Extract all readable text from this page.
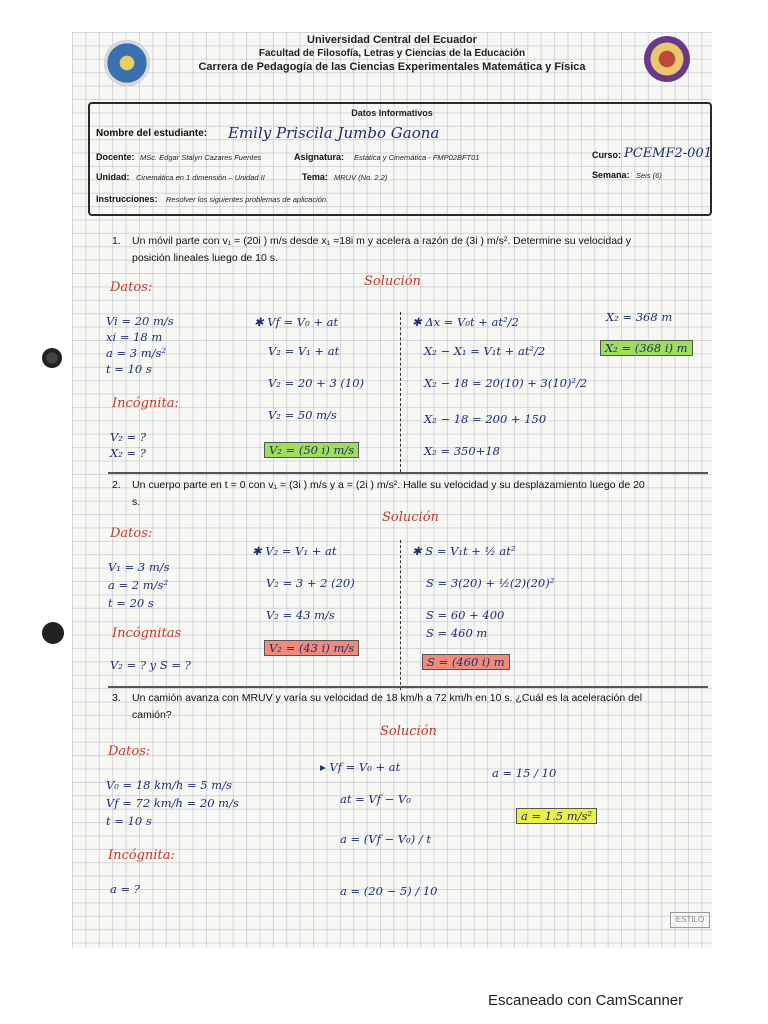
Universidad Central del Ecuador
Facultad de Filosofía, Letras y Ciencias de la Educación
Carrera de Pedagogía de las Ciencias Experimentales Matemática y Física
Datos Informativos
Nombre del estudiante: Emily Priscila Jumbo Gaona
Docente: MSc. Edgar Stalyn Cazares Fuentes	Asignatura: Estática y Cinemática - FMP02BFT01	Curso: PCEMF2-001
Unidad: Cinemática en 1 dimensión – Unidad II	Tema: MRUV (No. 2.2)	Semana: Seis (6)
Instrucciones: Resolver los siguientes problemas de aplicación.
1. Un móvil parte con v₁ = (20i ) m/s desde x₁ =18i m y acelera a razón de (3i ) m/s². Determine su velocidad y
posición lineales luego de 10 s.
Solución
Datos:
Vi = 20 m/s
xi = 18 m
a = 3 m/s²
t = 10 s
Incógnita:
V₂ = ?
X₂ = ?
✱ Vf = V₀ + at
V₂ = V₁ + at
V₂ = 20 + 3 (10)
V₂ = 50 m/s
V₂ = (50 i) m/s
✱ Δx = V₀t + at²/2
X₂ − X₁ = V₁t + at²/2
X₂ − 18 = 20(10) + 3(10)²/2
X₂ − 18 = 200 + 150
X₂ = 350+18
X₂ = 368 m
X₂ = (368 i) m
2. Un cuerpo parte en t = 0 con v₁ = (3i ) m/s y a = (2i ) m/s². Halle su velocidad y su desplazamiento luego de 20
s.
Solución
Datos:
V₁ = 3 m/s
a = 2 m/s²
t = 20 s
Incógnitas
V₂ = ? y S = ?
✱ V₂ = V₁ + at
V₂ = 3 + 2 (20)
V₂ = 43 m/s
V₂ = (43 i) m/s
✱ S = V₁t + ½ at²
S = 3(20) + ½(2)(20)²
S = 60 + 400
S = 460 m
S = (460 i) m
3. Un camión avanza con MRUV y varía su velocidad de 18 km/h a 72 km/h en 10 s. ¿Cuál es la aceleración del
camión?
Solución
Datos:
V₀ = 18 km/h = 5 m/s
Vf = 72 km/h = 20 m/s
t = 10 s
Incógnita:
a = ?
▸ Vf = V₀ + at
at = Vf − V₀
a = (Vf − V₀) / t
a = (20 − 5) / 10
a = 15 / 10
a = 1.5 m/s²
ESTILO
Escaneado con CamScanner
